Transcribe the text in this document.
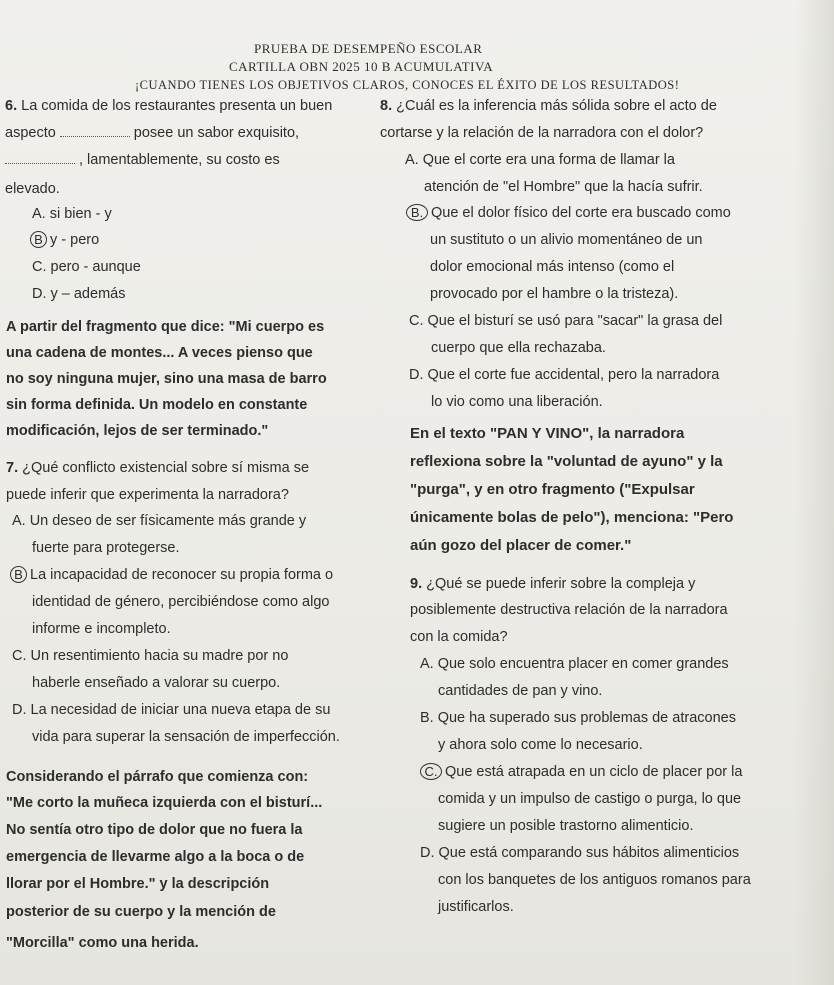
PRUEBA DE DESEMPEÑO ESCOLAR
CARTILLA OBN 2025 10 B ACUMULATIVA
¡CUANDO TIENES LOS OBJETIVOS CLAROS, CONOCES EL ÉXITO DE LOS RESULTADOS!
6. La comida de los restaurantes presenta un buen
aspecto	posee un sabor exquisito,
, lamentablemente, su costo es
elevado.
A. si bien - y
B y - pero
C. pero - aunque
D. y – además
A partir del fragmento que dice: "Mi cuerpo es
una cadena de montes... A veces pienso que
no soy ninguna mujer, sino una masa de barro
sin forma definida. Un modelo en constante
modificación, lejos de ser terminado."
7. ¿Qué conflicto existencial sobre sí misma se
puede inferir que experimenta la narradora?
A. Un deseo de ser físicamente más grande y
fuerte para protegerse.
B La incapacidad de reconocer su propia forma o
identidad de género, percibiéndose como algo
informe e incompleto.
C. Un resentimiento hacia su madre por no
haberle enseñado a valorar su cuerpo.
D. La necesidad de iniciar una nueva etapa de su
vida para superar la sensación de imperfección.
Considerando el párrafo que comienza con:
"Me corto la muñeca izquierda con el bisturí...
No sentía otro tipo de dolor que no fuera la
emergencia de llevarme algo a la boca o de
llorar por el Hombre." y la descripción
posterior de su cuerpo y la mención de
"Morcilla" como una herida.
8. ¿Cuál es la inferencia más sólida sobre el acto de
cortarse y la relación de la narradora con el dolor?
A. Que el corte era una forma de llamar la
atención de "el Hombre" que la hacía sufrir.
B. Que el dolor físico del corte era buscado como
un sustituto o un alivio momentáneo de un
dolor emocional más intenso (como el
provocado por el hambre o la tristeza).
C. Que el bisturí se usó para "sacar" la grasa del
cuerpo que ella rechazaba.
D. Que el corte fue accidental, pero la narradora
lo vio como una liberación.
En el texto "PAN Y VINO", la narradora
reflexiona sobre la "voluntad de ayuno" y la
"purga", y en otro fragmento ("Expulsar
únicamente bolas de pelo"), menciona: "Pero
aún gozo del placer de comer."
9. ¿Qué se puede inferir sobre la compleja y
posiblemente destructiva relación de la narradora
con la comida?
A. Que solo encuentra placer en comer grandes
cantidades de pan y vino.
B. Que ha superado sus problemas de atracones
y ahora solo come lo necesario.
C. Que está atrapada en un ciclo de placer por la
comida y un impulso de castigo o purga, lo que
sugiere un posible trastorno alimenticio.
D. Que está comparando sus hábitos alimenticios
con los banquetes de los antiguos romanos para
justificarlos.
